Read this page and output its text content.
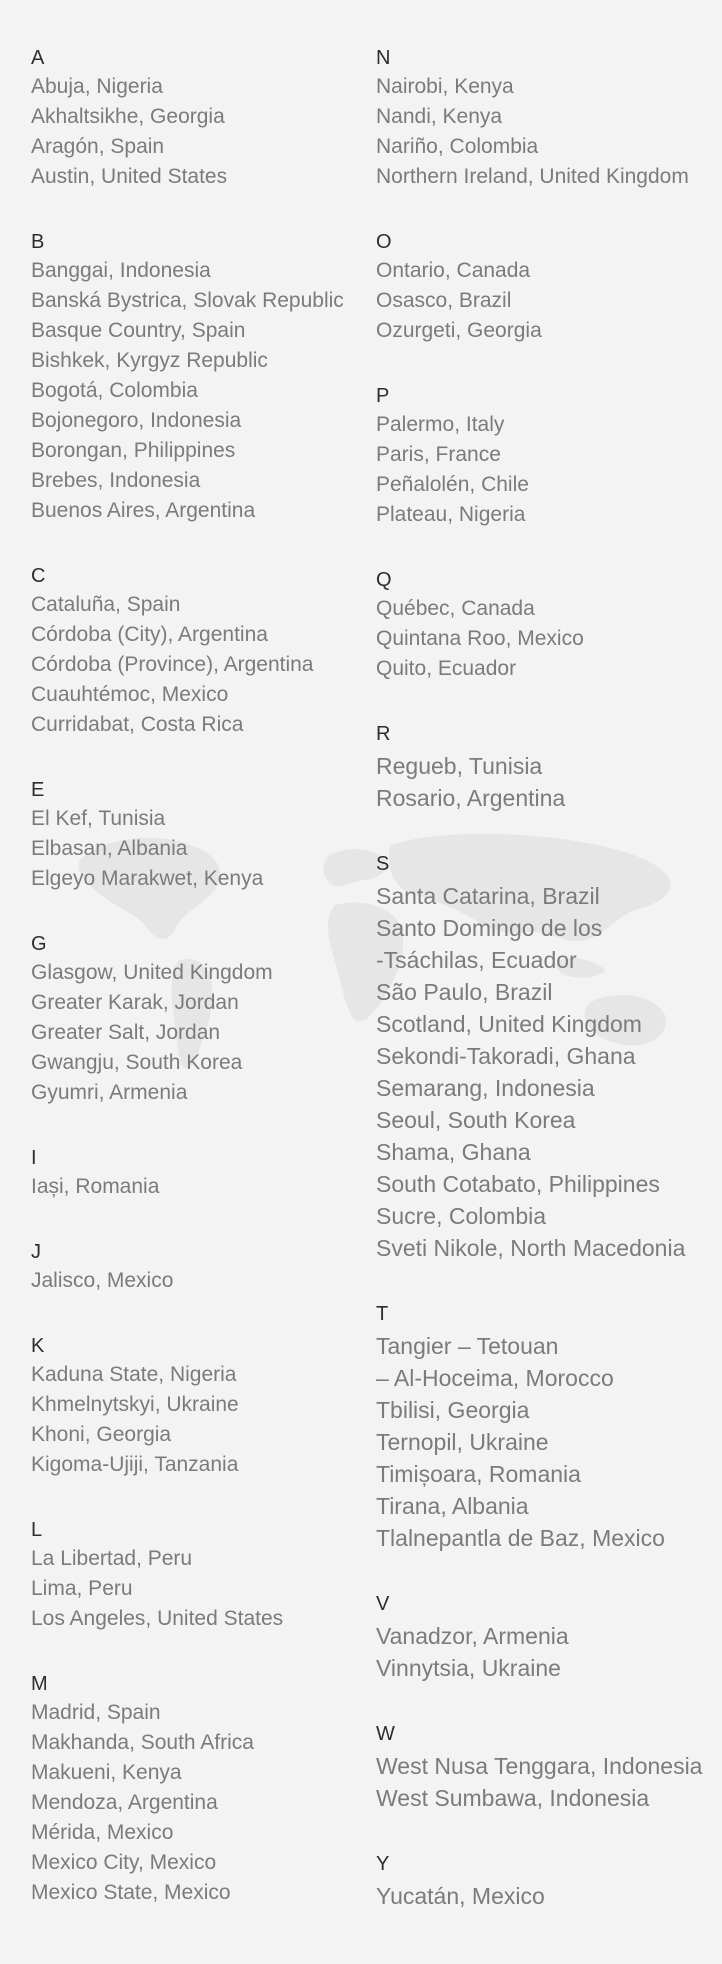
A
Abuja, Nigeria
Akhaltsikhe, Georgia
Aragón, Spain
Austin, United States
B
Banggai, Indonesia
Banská Bystrica, Slovak Republic
Basque Country, Spain
Bishkek, Kyrgyz Republic
Bogotá, Colombia
Bojonegoro, Indonesia
Borongan, Philippines
Brebes, Indonesia
Buenos Aires, Argentina
C
Cataluña, Spain
Córdoba (City), Argentina
Córdoba (Province), Argentina
Cuauhtémoc, Mexico
Curridabat, Costa Rica
E
El Kef, Tunisia
Elbasan, Albania
Elgeyo Marakwet, Kenya
G
Glasgow, United Kingdom
Greater Karak, Jordan
Greater Salt, Jordan
Gwangju, South Korea
Gyumri, Armenia
I
Iași, Romania
J
Jalisco, Mexico
K
Kaduna State, Nigeria
Khmelnytskyi, Ukraine
Khoni, Georgia
Kigoma-Ujiji, Tanzania
L
La Libertad, Peru
Lima, Peru
Los Angeles, United States
M
Madrid, Spain
Makhanda, South Africa
Makueni, Kenya
Mendoza, Argentina
Mérida, Mexico
Mexico City, Mexico
Mexico State, Mexico
N
Nairobi, Kenya
Nandi, Kenya
Nariño, Colombia
Northern Ireland, United Kingdom
O
Ontario, Canada
Osasco, Brazil
Ozurgeti, Georgia
P
Palermo, Italy
Paris, France
Peñalolén, Chile
Plateau, Nigeria
Q
Québec, Canada
Quintana Roo, Mexico
Quito, Ecuador
R
Regueb, Tunisia
Rosario, Argentina
S
Santa Catarina, Brazil
Santo Domingo de los
-Tsáchilas, Ecuador
São Paulo, Brazil
Scotland, United Kingdom
Sekondi-Takoradi, Ghana
Semarang, Indonesia
Seoul, South Korea
Shama, Ghana
South Cotabato, Philippines
Sucre, Colombia
Sveti Nikole, North Macedonia
T
Tangier – Tetouan
– Al-Hoceima, Morocco
Tbilisi, Georgia
Ternopil, Ukraine
Timișoara, Romania
Tirana, Albania
Tlalnepantla de Baz, Mexico
V
Vanadzor, Armenia
Vinnytsia, Ukraine
W
West Nusa Tenggara, Indonesia
West Sumbawa, Indonesia
Y
Yucatán, Mexico
